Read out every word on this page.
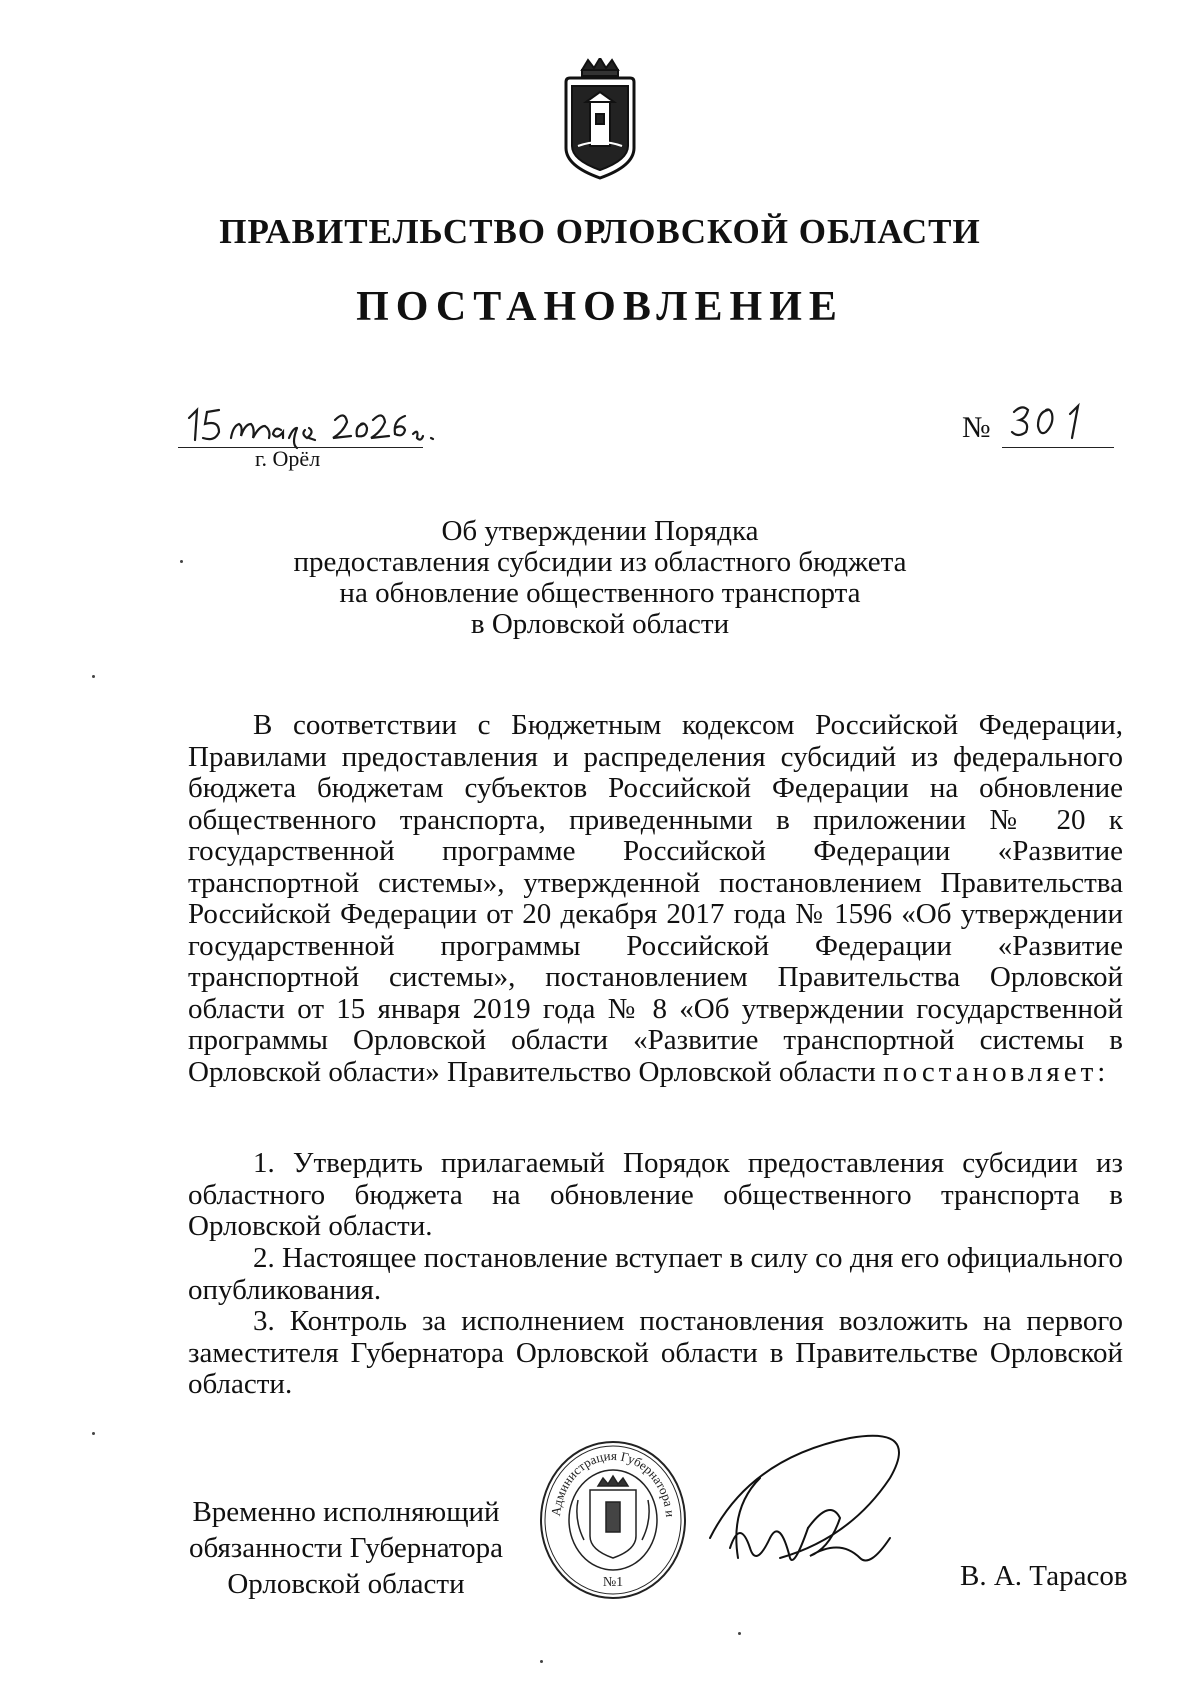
ПРАВИТЕЛЬСТВО ОРЛОВСКОЙ ОБЛАСТИ
ПОСТАНОВЛЕНИЕ
г. Орёл
№
Об утверждении Порядка
предоставления субсидии из областного бюджета
на обновление общественного транспорта
в Орловской области
В соответствии с Бюджетным кодексом Российской Федерации, Правилами предоставления и распределения субсидий из федерального бюджета бюджетам субъектов Российской Федерации на обновление общественного транспорта, приведенными в приложении № 20 к государственной программе Российской Федерации «Развитие транспортной системы», утвержденной постановлением Правительства Российской Федерации от 20 декабря 2017 года № 1596 «Об утверждении государственной программы Российской Федерации «Развитие транспортной системы», постановлением Правительства Орловской области от 15 января 2019 года № 8 «Об утверждении государственной программы Орловской области «Развитие транспортной системы в Орловской области» Правительство Орловской области постановляет:
1. Утвердить прилагаемый Порядок предоставления субсидии из областного бюджета на обновление общественного транспорта в Орловской области.
2. Настоящее постановление вступает в силу со дня его официального опубликования.
3. Контроль за исполнением постановления возложить на первого заместителя Губернатора Орловской области в Правительстве Орловской области.
Временно исполняющий
обязанности Губернатора
Орловской области
Администрация Губернатора и
№1	В. А. Тарасов
